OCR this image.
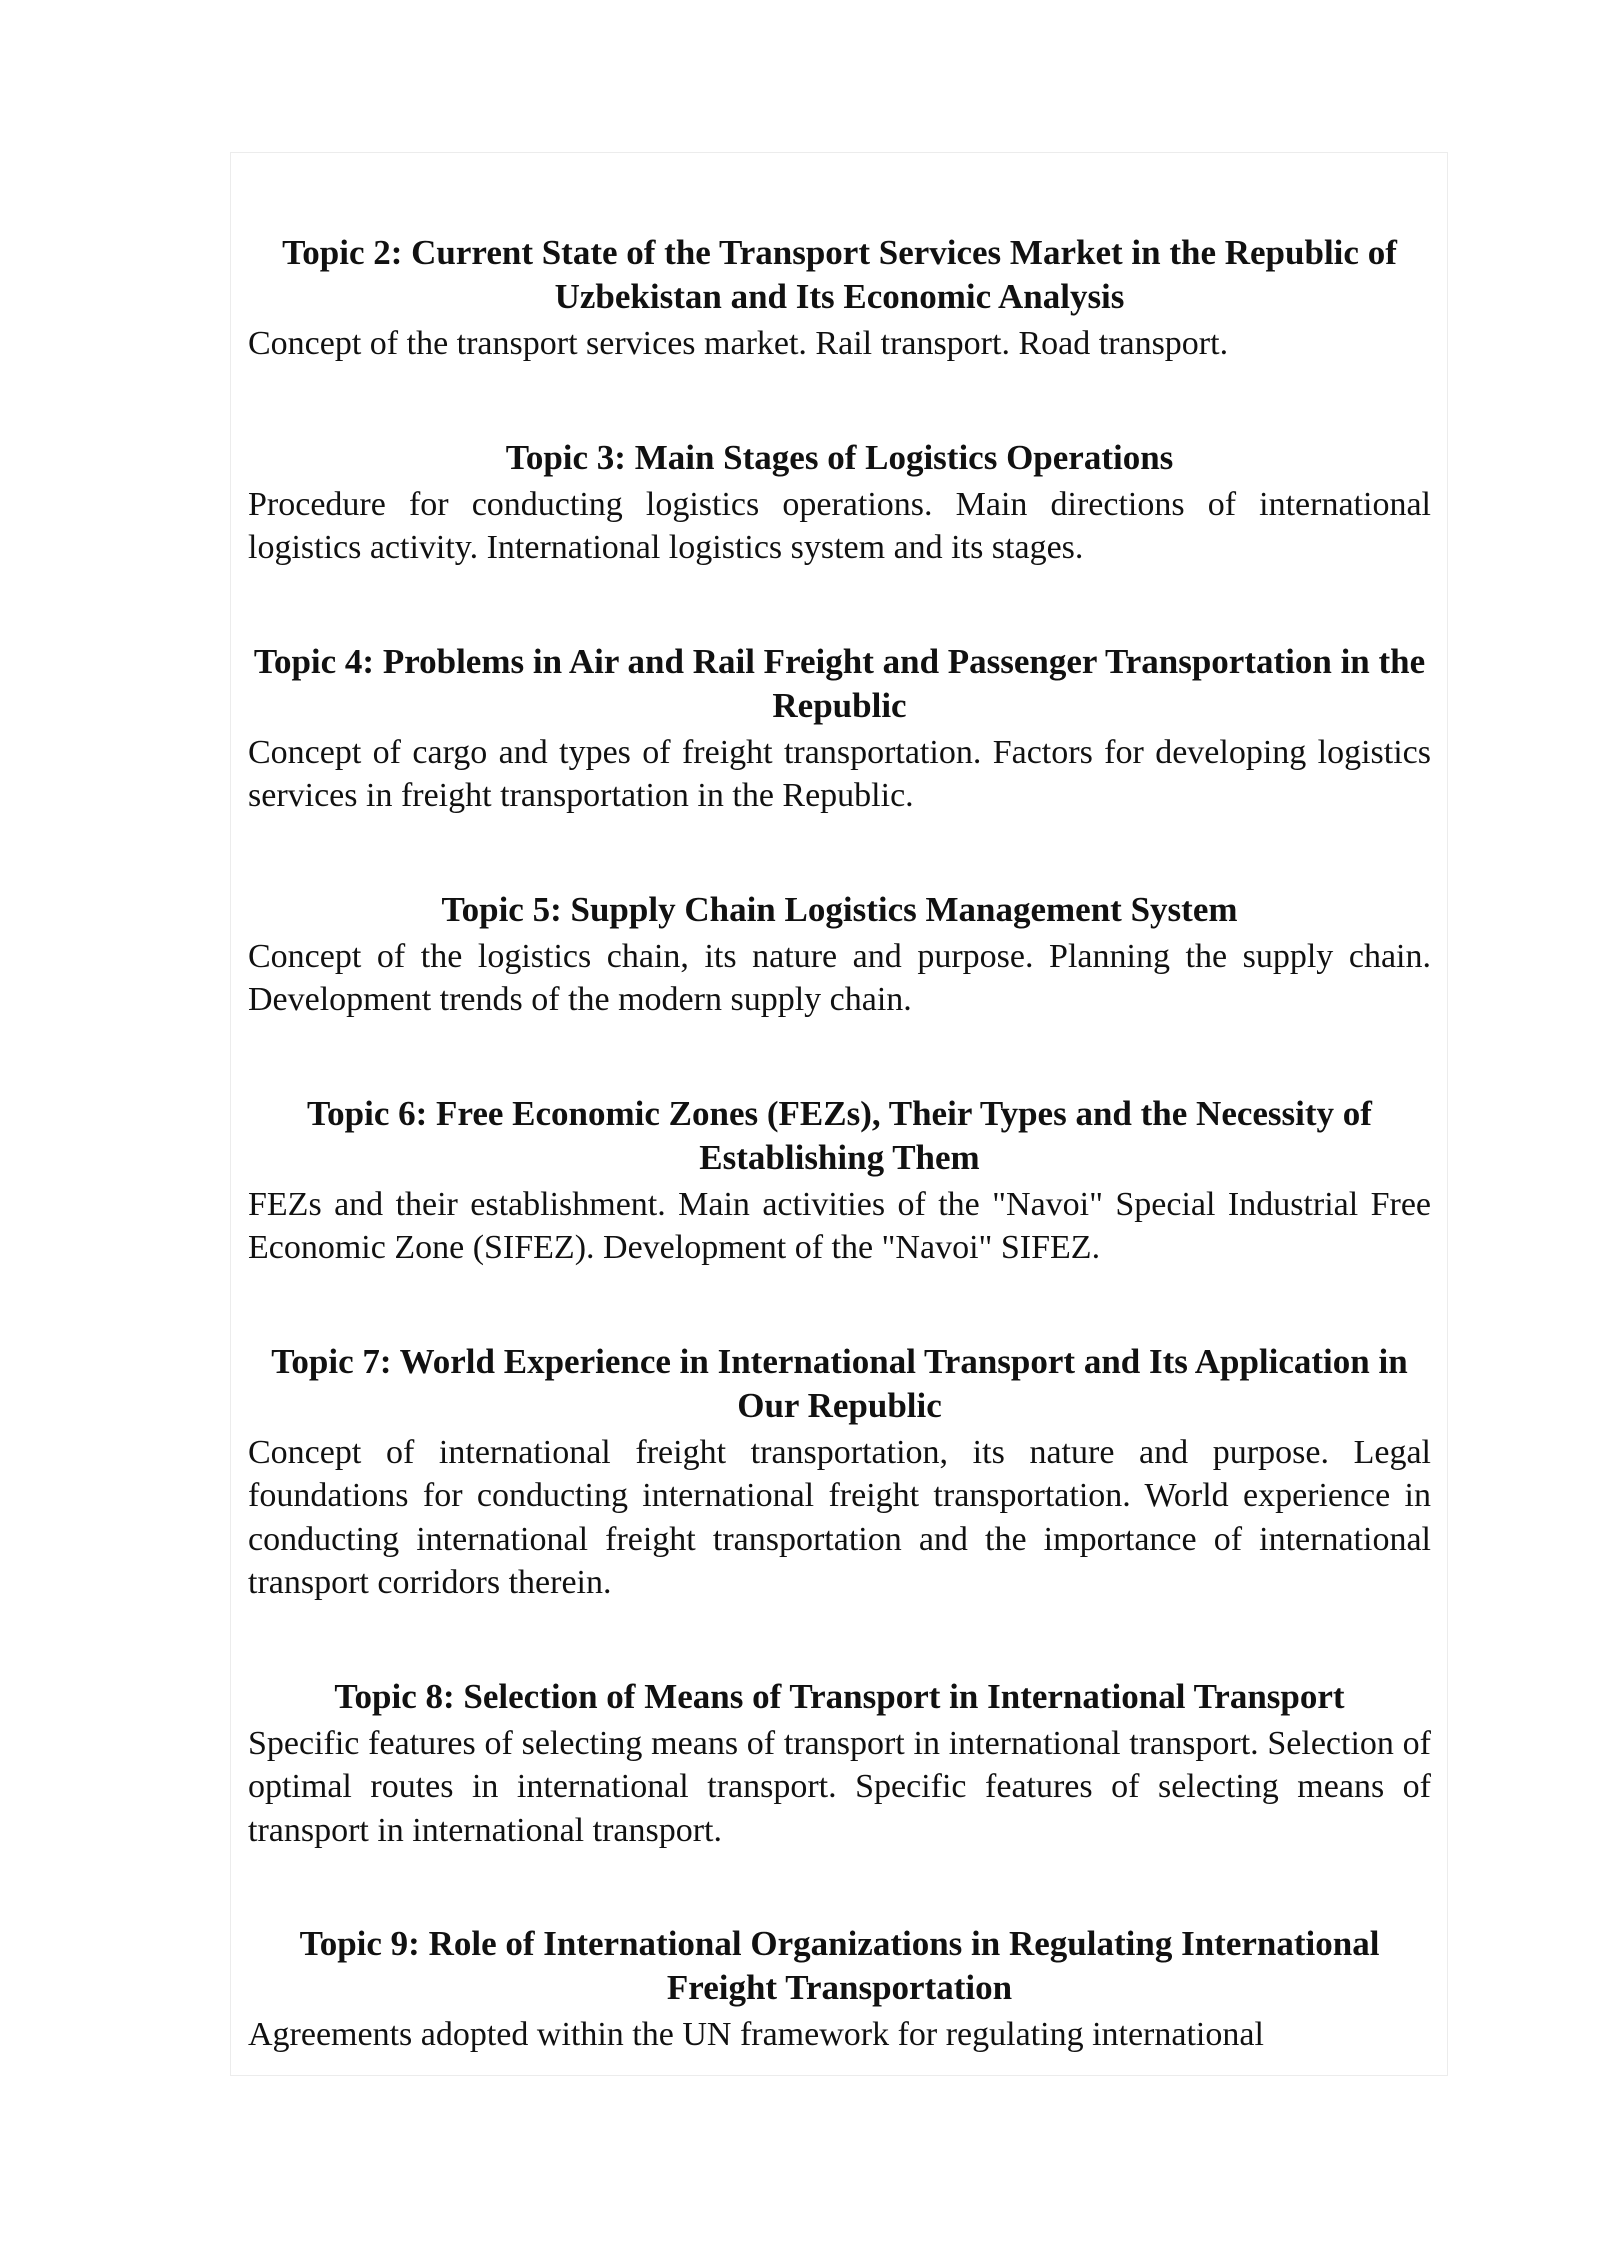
Topic 2: Current State of the Transport Services Market in the Republic of Uzbekistan and Its Economic Analysis

Concept of the transport services market. Rail transport. Road transport.

Topic 3: Main Stages of Logistics Operations

Procedure for conducting logistics operations. Main directions of international logistics activity. International logistics system and its stages.

Topic 4: Problems in Air and Rail Freight and Passenger Transportation in the Republic

Concept of cargo and types of freight transportation. Factors for developing logistics services in freight transportation in the Republic.

Topic 5: Supply Chain Logistics Management System

Concept of the logistics chain, its nature and purpose. Planning the supply chain. Development trends of the modern supply chain.

Topic 6: Free Economic Zones (FEZs), Their Types and the Necessity of Establishing Them

FEZs and their establishment. Main activities of the "Navoi" Special Industrial Free Economic Zone (SIFEZ). Development of the "Navoi" SIFEZ.

Topic 7: World Experience in International Transport and Its Application in Our Republic

Concept of international freight transportation, its nature and purpose. Legal foundations for conducting international freight transportation. World experience in conducting international freight transportation and the importance of international transport corridors therein.

Topic 8: Selection of Means of Transport in International Transport

Specific features of selecting means of transport in international transport. Selection of optimal routes in international transport. Specific features of selecting means of transport in international transport.

Topic 9: Role of International Organizations in Regulating International Freight Transportation

Agreements adopted within the UN framework for regulating international
